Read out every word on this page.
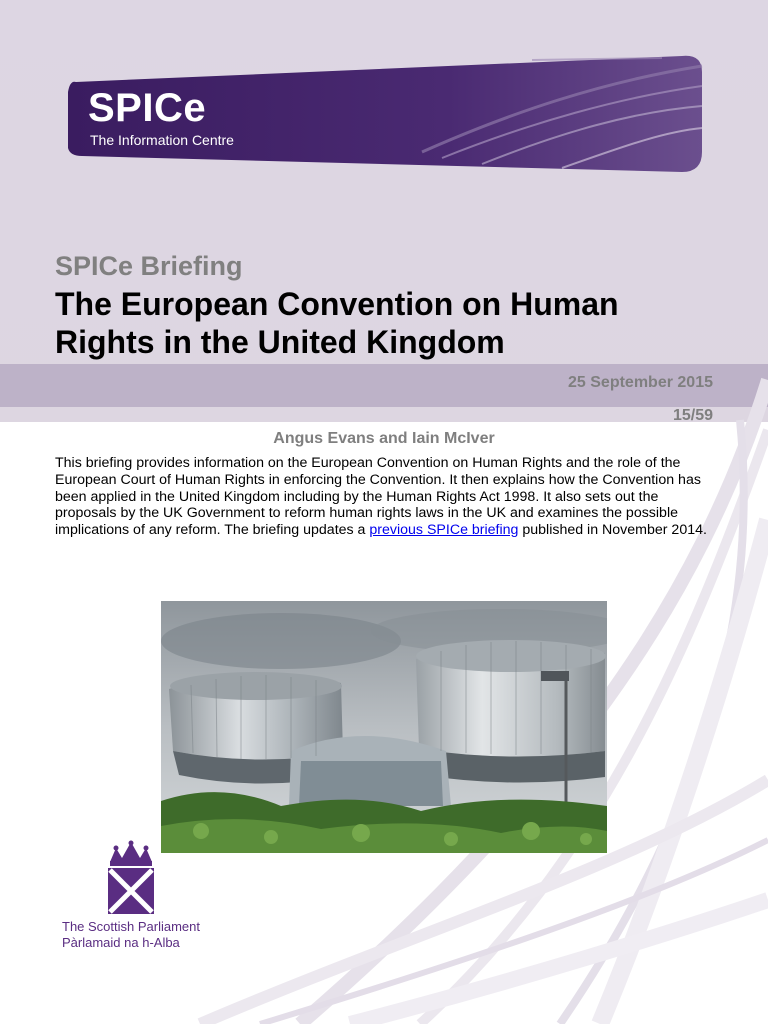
SPICe
The Information Centre
SPICe Briefing
The European Convention on Human
Rights in the United Kingdom
25 September 2015
15/59
Angus Evans and Iain McIver
This briefing provides information on the European Convention on Human Rights and the role of the European Court of Human Rights in enforcing the Convention. It then explains how the Convention has been applied in the United Kingdom including by the Human Rights Act 1998. It also sets out the proposals by the UK Government to reform human rights laws in the UK and examines the possible implications of any reform. The briefing updates a previous SPICe briefing published in November 2014.
The Scottish Parliament
Pàrlamaid na h-Alba
